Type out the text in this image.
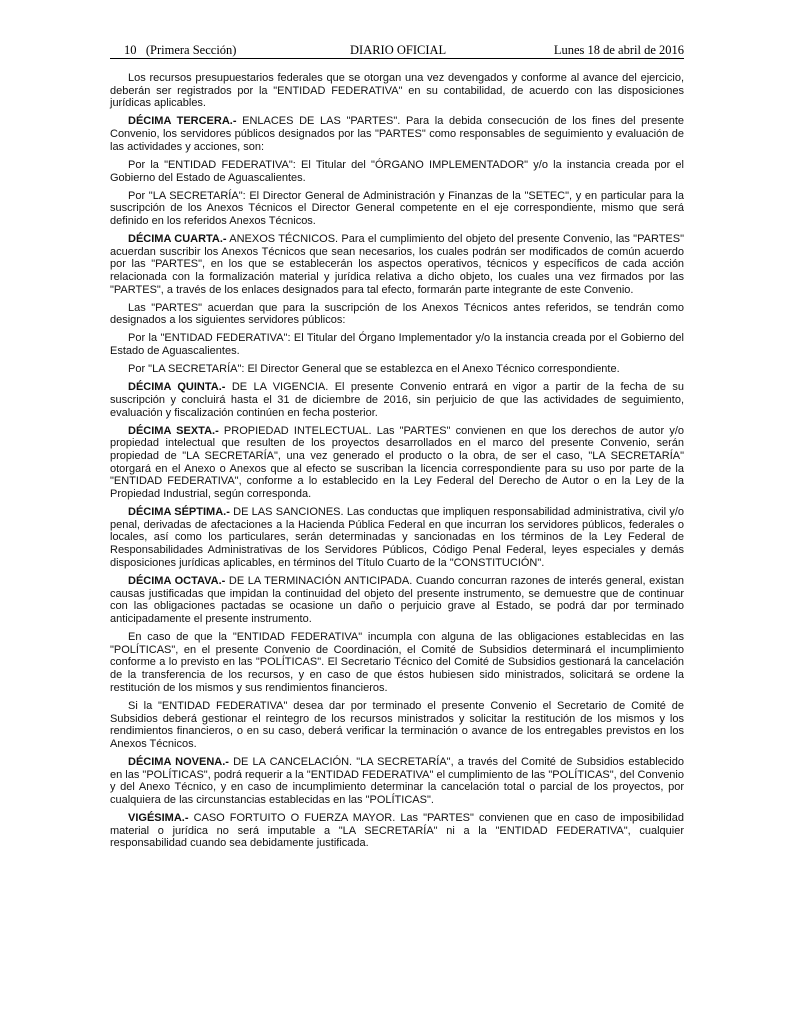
10 (Primera Sección)	DIARIO OFICIAL	Lunes 18 de abril de 2016

Los recursos presupuestarios federales que se otorgan una vez devengados y conforme al avance del ejercicio, deberán ser registrados por la "ENTIDAD FEDERATIVA" en su contabilidad, de acuerdo con las disposiciones jurídicas aplicables.

DÉCIMA TERCERA.- ENLACES DE LAS "PARTES". Para la debida consecución de los fines del presente Convenio, los servidores públicos designados por las "PARTES" como responsables de seguimiento y evaluación de las actividades y acciones, son:

Por la "ENTIDAD FEDERATIVA": El Titular del "ÓRGANO IMPLEMENTADOR" y/o la instancia creada por el Gobierno del Estado de Aguascalientes.

Por "LA SECRETARÍA": El Director General de Administración y Finanzas de la "SETEC", y en particular para la suscripción de los Anexos Técnicos el Director General competente en el eje correspondiente, mismo que será definido en los referidos Anexos Técnicos.

DÉCIMA CUARTA.- ANEXOS TÉCNICOS. Para el cumplimiento del objeto del presente Convenio, las "PARTES" acuerdan suscribir los Anexos Técnicos que sean necesarios, los cuales podrán ser modificados de común acuerdo por las "PARTES", en los que se establecerán los aspectos operativos, técnicos y específicos de cada acción relacionada con la formalización material y jurídica relativa a dicho objeto, los cuales una vez firmados por las "PARTES", a través de los enlaces designados para tal efecto, formarán parte integrante de este Convenio.

Las "PARTES" acuerdan que para la suscripción de los Anexos Técnicos antes referidos, se tendrán como designados a los siguientes servidores públicos:

Por la "ENTIDAD FEDERATIVA": El Titular del Órgano Implementador y/o la instancia creada por el Gobierno del Estado de Aguascalientes.

Por "LA SECRETARÍA": El Director General que se establezca en el Anexo Técnico correspondiente.

DÉCIMA QUINTA.- DE LA VIGENCIA. El presente Convenio entrará en vigor a partir de la fecha de su suscripción y concluirá hasta el 31 de diciembre de 2016, sin perjuicio de que las actividades de seguimiento, evaluación y fiscalización continúen en fecha posterior.

DÉCIMA SEXTA.- PROPIEDAD INTELECTUAL. Las "PARTES" convienen en que los derechos de autor y/o propiedad intelectual que resulten de los proyectos desarrollados en el marco del presente Convenio, serán propiedad de "LA SECRETARÍA", una vez generado el producto o la obra, de ser el caso, "LA SECRETARÍA" otorgará en el Anexo o Anexos que al efecto se suscriban la licencia correspondiente para su uso por parte de la "ENTIDAD FEDERATIVA", conforme a lo establecido en la Ley Federal del Derecho de Autor o en la Ley de la Propiedad Industrial, según corresponda.

DÉCIMA SÉPTIMA.- DE LAS SANCIONES. Las conductas que impliquen responsabilidad administrativa, civil y/o penal, derivadas de afectaciones a la Hacienda Pública Federal en que incurran los servidores públicos, federales o locales, así como los particulares, serán determinadas y sancionadas en los términos de la Ley Federal de Responsabilidades Administrativas de los Servidores Públicos, Código Penal Federal, leyes especiales y demás disposiciones jurídicas aplicables, en términos del Título Cuarto de la "CONSTITUCIÓN".

DÉCIMA OCTAVA.- DE LA TERMINACIÓN ANTICIPADA. Cuando concurran razones de interés general, existan causas justificadas que impidan la continuidad del objeto del presente instrumento, se demuestre que de continuar con las obligaciones pactadas se ocasione un daño o perjuicio grave al Estado, se podrá dar por terminado anticipadamente el presente instrumento.

En caso de que la "ENTIDAD FEDERATIVA" incumpla con alguna de las obligaciones establecidas en las "POLÍTICAS", en el presente Convenio de Coordinación, el Comité de Subsidios determinará el incumplimiento conforme a lo previsto en las "POLÍTICAS". El Secretario Técnico del Comité de Subsidios gestionará la cancelación de la transferencia de los recursos, y en caso de que éstos hubiesen sido ministrados, solicitará se ordene la restitución de los mismos y sus rendimientos financieros.

Si la "ENTIDAD FEDERATIVA" desea dar por terminado el presente Convenio el Secretario de Comité de Subsidios deberá gestionar el reintegro de los recursos ministrados y solicitar la restitución de los mismos y los rendimientos financieros, o en su caso, deberá verificar la terminación o avance de los entregables previstos en los Anexos Técnicos.

DÉCIMA NOVENA.- DE LA CANCELACIÓN. "LA SECRETARÍA", a través del Comité de Subsidios establecido en las "POLÍTICAS", podrá requerir a la "ENTIDAD FEDERATIVA" el cumplimiento de las "POLÍTICAS", del Convenio y del Anexo Técnico, y en caso de incumplimiento determinar la cancelación total o parcial de los proyectos, por cualquiera de las circunstancias establecidas en las "POLÍTICAS".

VIGÉSIMA.- CASO FORTUITO O FUERZA MAYOR. Las "PARTES" convienen que en caso de imposibilidad material o jurídica no será imputable a "LA SECRETARÍA" ni a la "ENTIDAD FEDERATIVA", cualquier responsabilidad cuando sea debidamente justificada.
